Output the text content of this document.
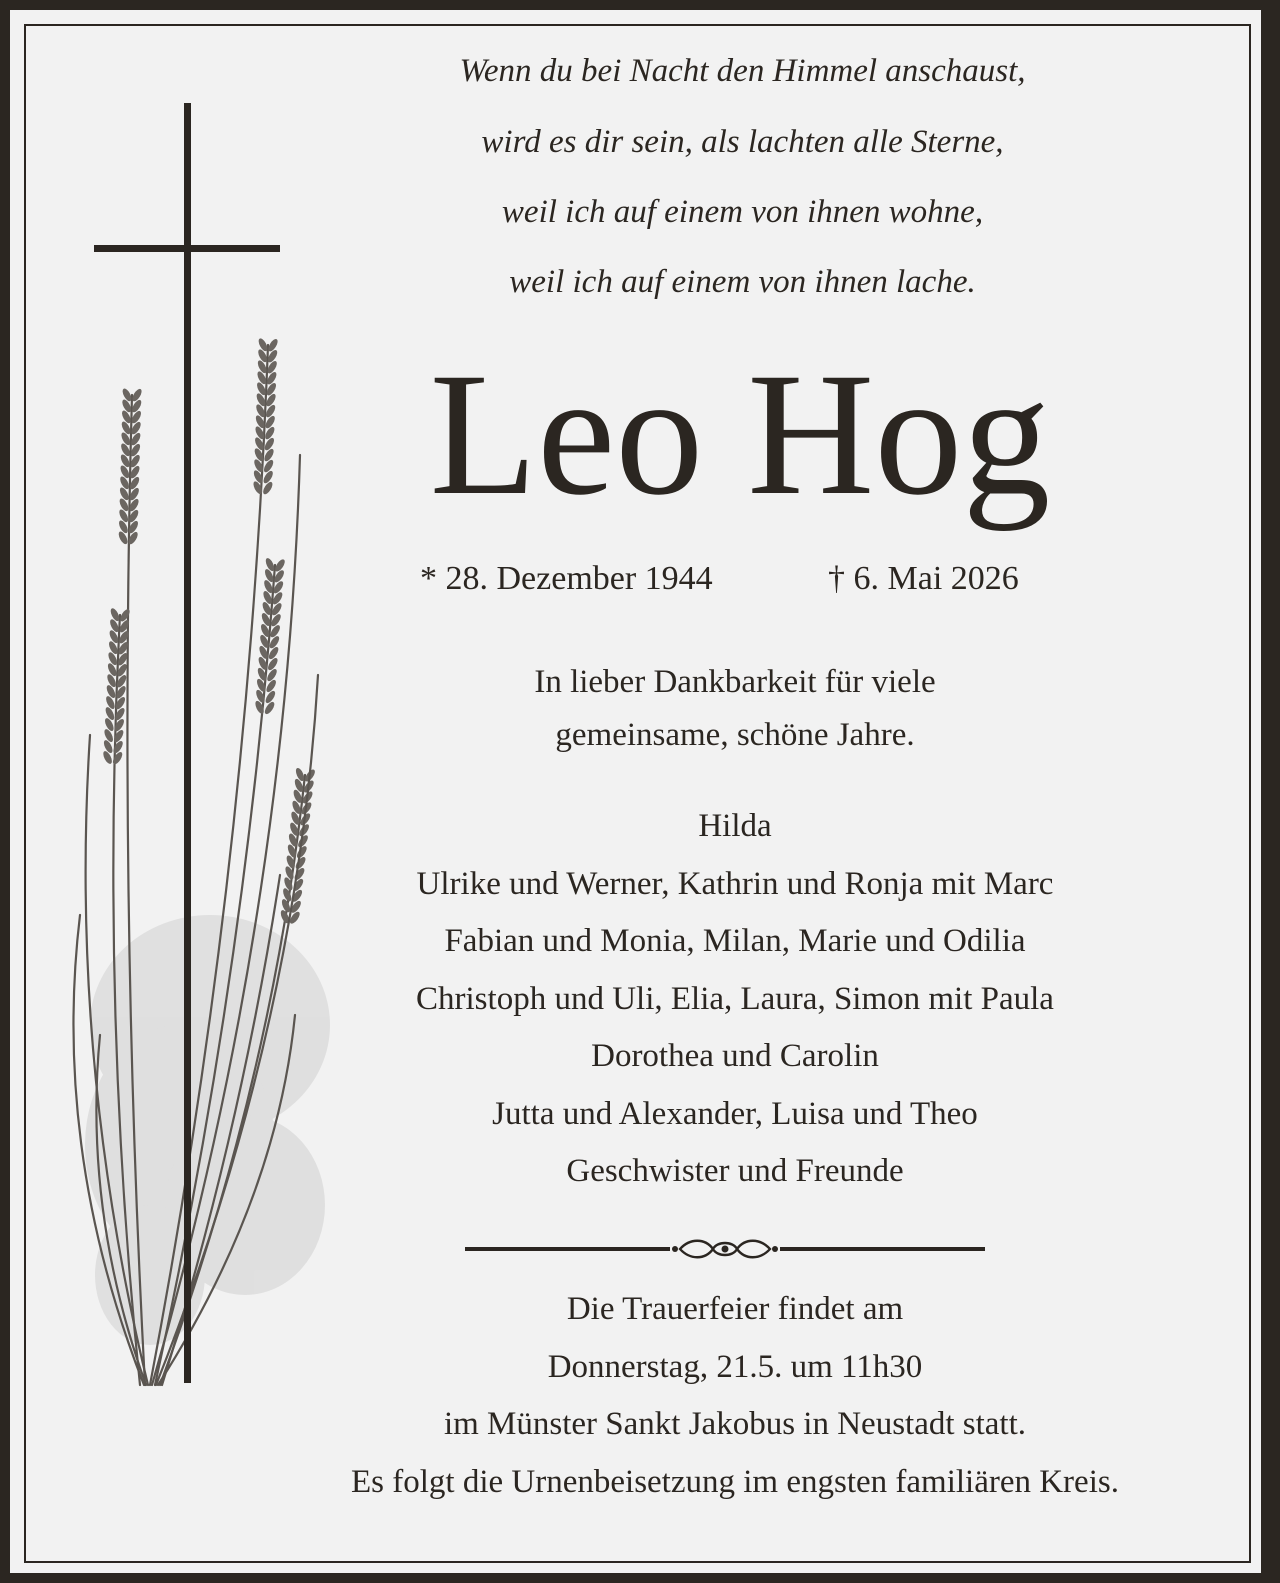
Wenn du bei Nacht den Himmel anschaust,
wird es dir sein, als lachten alle Sterne,
weil ich auf einem von ihnen wohne,
weil ich auf einem von ihnen lache.
Leo Hog
* 28. Dezember 1944	† 6. Mai 2026
In lieber Dankbarkeit für viele
gemeinsame, schöne Jahre.
Hilda
Ulrike und Werner, Kathrin und Ronja mit Marc
Fabian und Monia, Milan, Marie und Odilia
Christoph und Uli, Elia, Laura, Simon mit Paula
Dorothea und Carolin
Jutta und Alexander, Luisa und Theo
Geschwister und Freunde
Die Trauerfeier findet am
Donnerstag, 21.5. um 11h30
im Münster Sankt Jakobus in Neustadt statt.
Es folgt die Urnenbeisetzung im engsten familiären Kreis.
